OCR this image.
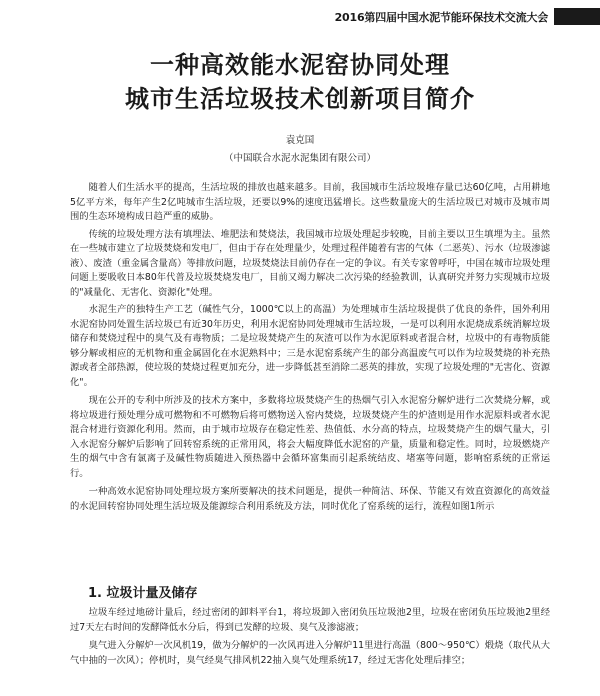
2016第四届中国水泥节能环保技术交流大会
一种高效能水泥窑协同处理
城市生活垃圾技术创新项目简介
袁克国
（中国联合水泥水泥集团有限公司）

随着人们生活水平的提高，生活垃圾的排放也越来越多。目前，我国城市生活垃圾堆存量已达60亿吨，占用耕地5亿平方米，每年产生2亿吨城市生活垃圾，还要以9%的速度迅猛增长。这些数量庞大的生活垃圾已对城市及城市周围的生态环境构成日趋严重的威胁。

传统的垃圾处理方法有填埋法、堆肥法和焚烧法，我国城市垃圾处理起步较晚，目前主要以卫生填埋为主。虽然在一些城市建立了垃圾焚烧和发电厂，但由于存在处理量少，处理过程伴随着有害的气体（二恶英）、污水（垃圾渗滤液）、废渣（重金属含量高）等排放问题，垃圾焚烧法目前仍存在一定的争议。有关专家曾呼吁，中国在城市垃圾处理问题上要吸收日本80年代普及垃圾焚烧发电厂，目前又竭力解决二次污染的经验教训，认真研究并努力实现城市垃圾的"减量化、无害化、资源化"处理。

水泥生产的独特生产工艺（碱性气分，1000℃以上的高温）为处理城市生活垃圾提供了优良的条件，国外利用水泥窑协同处置生活垃圾已有近30年历史，利用水泥窑协同处理城市生活垃圾，一是可以利用水泥烧成系统消解垃圾储存和焚烧过程中的臭气及有毒物质；二是垃圾焚烧产生的灰渣可以作为水泥原料或者混合材，垃圾中的有毒物质能够分解或相应的无机物和重金属固化在水泥熟料中；三是水泥窑系统产生的部分高温废气可以作为垃圾焚烧的补充热源或者全部热源，使垃圾的焚烧过程更加充分，进一步降低甚至消除二恶英的排放，实现了垃圾处理的"无害化、资源化"。

现在公开的专利中所涉及的技术方案中，多数将垃圾焚烧产生的热烟气引入水泥窑分解炉进行二次焚烧分解，或将垃圾进行预处理分成可燃物和不可燃物后将可燃物送入窑内焚烧，垃圾焚烧产生的炉渣则是用作水泥原料或者水泥混合材进行资源化利用。然而，由于城市垃圾存在稳定性差、热值低、水分高的特点，垃圾焚烧产生的烟气量大，引入水泥窑分解炉后影响了回转窑系统的正常用风，将会大幅度降低水泥窑的产量，质量和稳定性。同时，垃圾燃烧产生的烟气中含有氯离子及碱性物质随进入预热器中会循环富集而引起系统结皮、堵塞等问题，影响窑系统的正常运行。

一种高效水泥窑协同处理垃圾方案所要解决的技术问题是，提供一种简洁、环保、节能又有效直资源化的高效益的水泥回转窑协同处理生活垃圾及能源综合利用系统及方法，同时优化了窑系统的运行，流程如图1所示

1. 垃圾计量及储存

垃圾车经过地磅计量后，经过密闭的卸料平台1，将垃圾卸入密闭负压垃圾池2里，垃圾在密闭负压垃圾池2里经过7天左右时间的发酵降低水分后，得到已发酵的垃圾、臭气及渗滤液；

臭气进入分解炉一次风机19，做为分解炉的一次风再进入分解炉11里进行高温（800～950℃）煅烧（取代从大气中抽的一次风）；停机时，臭气经臭气排风机22抽入臭气处理系统17，经过无害化处理后排空；
